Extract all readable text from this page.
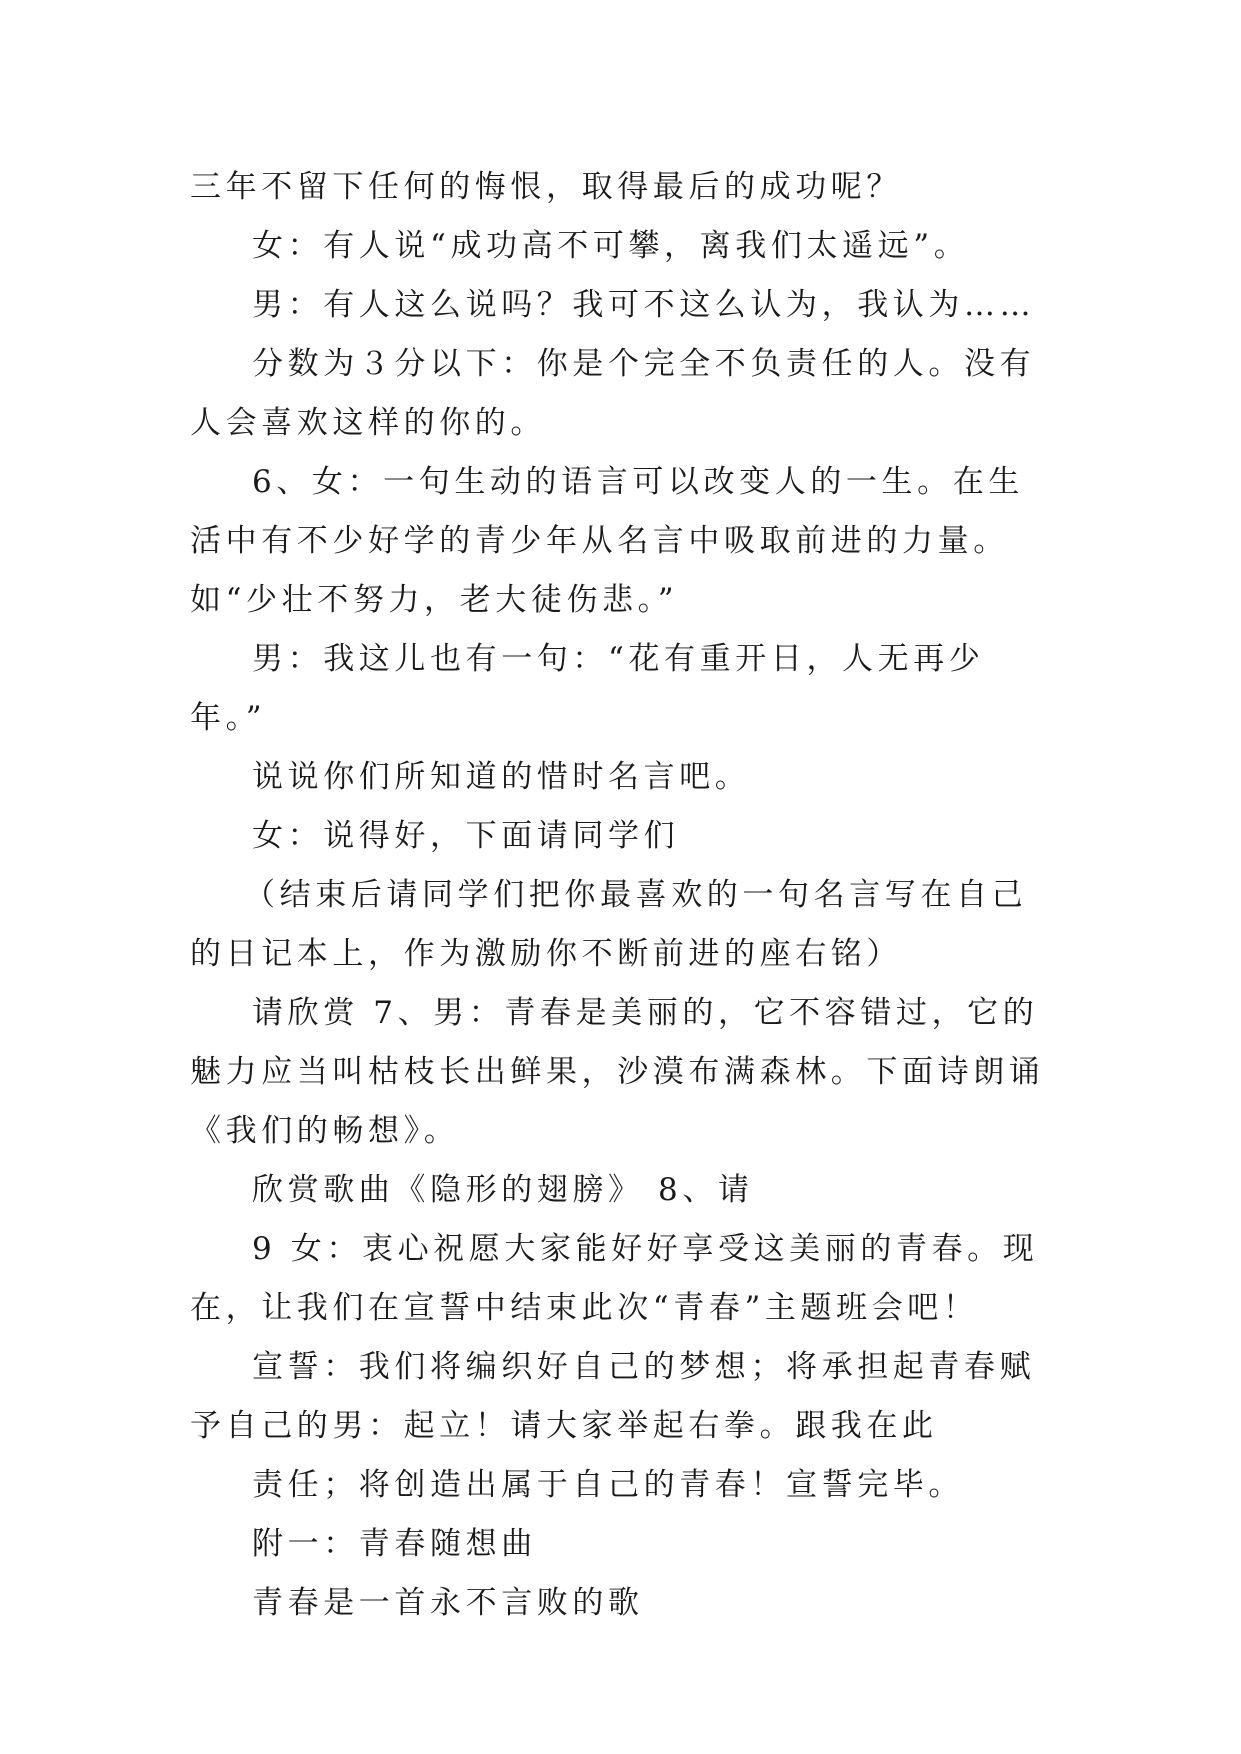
三年不留下任何的悔恨，取得最后的成功呢？

女：有人说“成功高不可攀，离我们太遥远”。

男：有人这么说吗？我可不这么认为，我认为……

分数为３分以下：你是个完全不负责任的人。没有人会喜欢这样的你的。

6、女：一句生动的语言可以改变人的一生。在生活中有不少好学的青少年从名言中吸取前进的力量。如“少壮不努力，老大徒伤悲。”

男：我这儿也有一句：“花有重开日，人无再少年。”

说说你们所知道的惜时名言吧。

女：说得好，下面请同学们

（结束后请同学们把你最喜欢的一句名言写在自己的日记本上，作为激励你不断前进的座右铭）

请欣赏 7、男：青春是美丽的，它不容错过，它的魅力应当叫枯枝长出鲜果，沙漠布满森林。下面诗朗诵《我们的畅想》。

欣赏歌曲《隐形的翅膀》 8、请

9 女：衷心祝愿大家能好好享受这美丽的青春。现在，让我们在宣誓中结束此次“青春”主题班会吧！

宣誓：我们将编织好自己的梦想；将承担起青春赋予自己的男：起立！请大家举起右拳。跟我在此

责任；将创造出属于自己的青春！宣誓完毕。

附一：青春随想曲

青春是一首永不言败的歌
